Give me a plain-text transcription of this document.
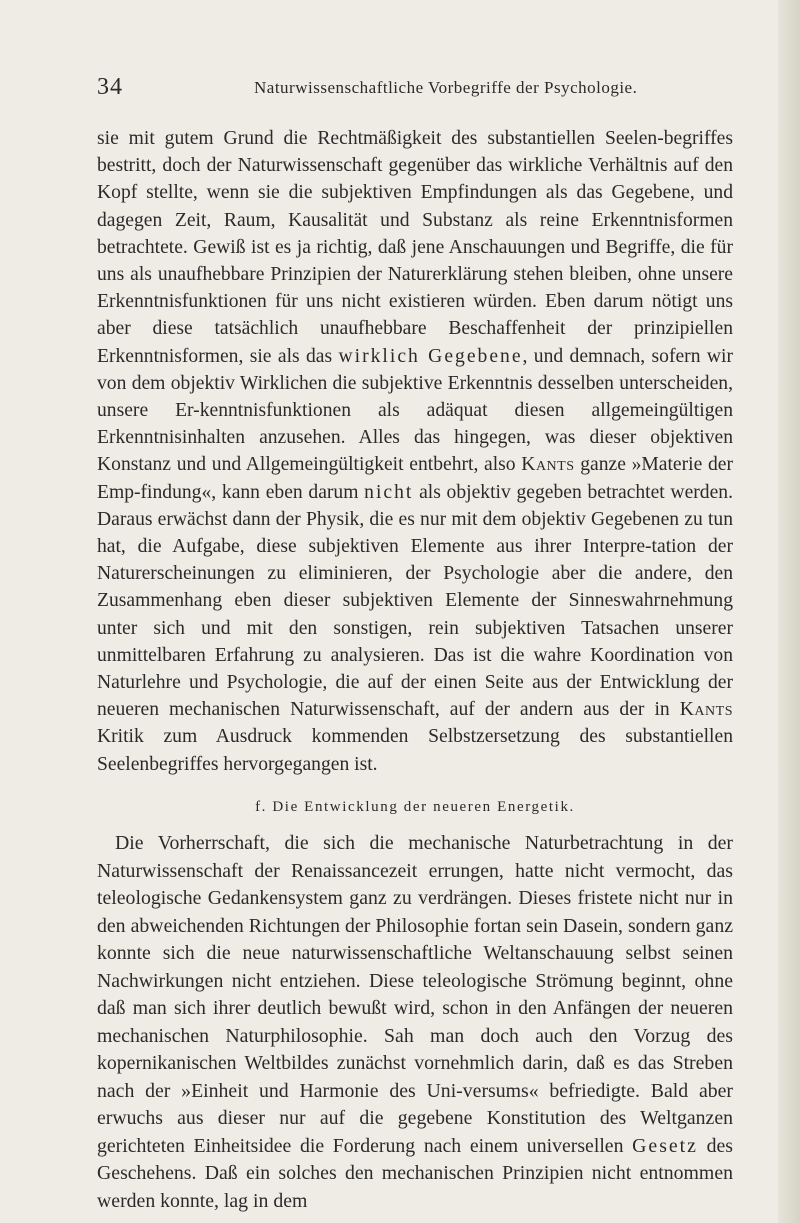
34	Naturwissenschaftliche Vorbegriffe der Psychologie.

sie mit gutem Grund die Rechtmäßigkeit des substantiellen Seelen-begriffes bestritt, doch der Naturwissenschaft gegenüber das wirkliche Verhältnis auf den Kopf stellte, wenn sie die subjektiven Empfindungen als das Gegebene, und dagegen Zeit, Raum, Kausalität und Substanz als reine Erkenntnisformen betrachtete. Gewiß ist es ja richtig, daß jene Anschauungen und Begriffe, die für uns als unaufhebbare Prinzipien der Naturerklärung stehen bleiben, ohne unsere Erkenntnisfunktionen für uns nicht existieren würden. Eben darum nötigt uns aber diese tatsächlich unaufhebbare Beschaffenheit der prinzipiellen Erkenntnisformen, sie als das wirklich Gegebene, und demnach, sofern wir von dem objektiv Wirklichen die subjektive Erkenntnis desselben unterscheiden, unsere Er-kenntnisfunktionen als adäquat diesen allgemeingültigen Erkenntnisinhalten anzusehen. Alles das hingegen, was dieser objektiven Konstanz und und Allgemeingültigkeit entbehrt, also Kants ganze »Materie der Emp-findung«, kann eben darum nicht als objektiv gegeben betrachtet werden. Daraus erwächst dann der Physik, die es nur mit dem objektiv Gegebenen zu tun hat, die Aufgabe, diese subjektiven Elemente aus ihrer Interpre-tation der Naturerscheinungen zu eliminieren, der Psychologie aber die andere, den Zusammenhang eben dieser subjektiven Elemente der Sinneswahrnehmung unter sich und mit den sonstigen, rein subjektiven Tatsachen unserer unmittelbaren Erfahrung zu analysieren. Das ist die wahre Koordination von Naturlehre und Psychologie, die auf der einen Seite aus der Entwicklung der neueren mechanischen Naturwissenschaft, auf der andern aus der in Kants Kritik zum Ausdruck kommenden Selbstzersetzung des substantiellen Seelenbegriffes hervorgegangen ist.

f. Die Entwicklung der neueren Energetik.

Die Vorherrschaft, die sich die mechanische Naturbetrachtung in der Naturwissenschaft der Renaissancezeit errungen, hatte nicht vermocht, das teleologische Gedankensystem ganz zu verdrängen. Dieses fristete nicht nur in den abweichenden Richtungen der Philosophie fortan sein Dasein, sondern ganz konnte sich die neue naturwissenschaftliche Weltanschauung selbst seinen Nachwirkungen nicht entziehen. Diese teleologische Strömung beginnt, ohne daß man sich ihrer deutlich bewußt wird, schon in den Anfängen der neueren mechanischen Naturphilosophie. Sah man doch auch den Vorzug des kopernikanischen Weltbildes zunächst vornehmlich darin, daß es das Streben nach der »Einheit und Harmonie des Uni-versums« befriedigte. Bald aber erwuchs aus dieser nur auf die gegebene Konstitution des Weltganzen gerichteten Einheitsidee die Forderung nach einem universellen Gesetz des Geschehens. Daß ein solches den mechanischen Prinzipien nicht entnommen werden konnte, lag in dem
